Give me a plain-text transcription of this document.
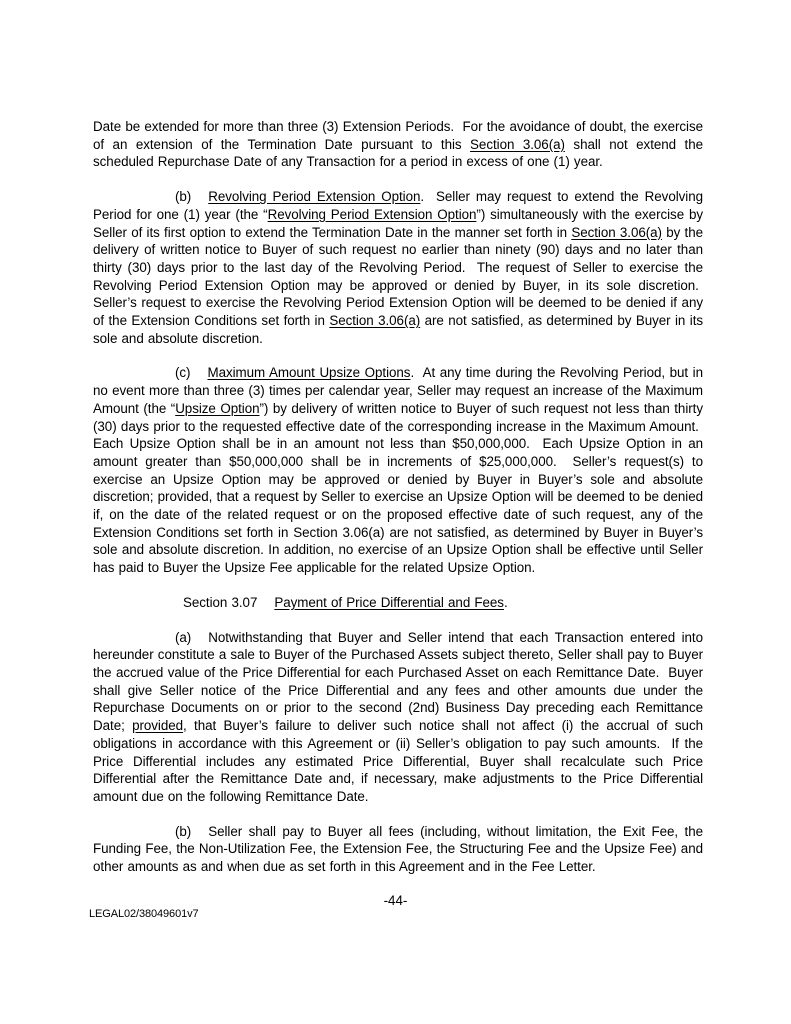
Date be extended for more than three (3) Extension Periods.  For the avoidance of doubt, the exercise of an extension of the Termination Date pursuant to this Section 3.06(a) shall not extend the scheduled Repurchase Date of any Transaction for a period in excess of one (1) year.

(b) Revolving Period Extension Option.  Seller may request to extend the Revolving Period for one (1) year (the “Revolving Period Extension Option”) simultaneously with the exercise by Seller of its first option to extend the Termination Date in the manner set forth in Section 3.06(a) by the delivery of written notice to Buyer of such request no earlier than ninety (90) days and no later than thirty (30) days prior to the last day of the Revolving Period.  The request of Seller to exercise the Revolving Period Extension Option may be approved or denied by Buyer, in its sole discretion.  Seller’s request to exercise the Revolving Period Extension Option will be deemed to be denied if any of the Extension Conditions set forth in Section 3.06(a) are not satisfied, as determined by Buyer in its sole and absolute discretion.

(c) Maximum Amount Upsize Options.  At any time during the Revolving Period, but in no event more than three (3) times per calendar year, Seller may request an increase of the Maximum Amount (the “Upsize Option”) by delivery of written notice to Buyer of such request not less than thirty (30) days prior to the requested effective date of the corresponding increase in the Maximum Amount.  Each Upsize Option shall be in an amount not less than $50,000,000.  Each Upsize Option in an amount greater than $50,000,000 shall be in increments of $25,000,000.  Seller’s request(s) to exercise an Upsize Option may be approved or denied by Buyer in Buyer’s sole and absolute discretion; provided, that a request by Seller to exercise an Upsize Option will be deemed to be denied if, on the date of the related request or on the proposed effective date of such request, any of the Extension Conditions set forth in Section 3.06(a) are not satisfied, as determined by Buyer in Buyer’s sole and absolute discretion. In addition, no exercise of an Upsize Option shall be effective until Seller has paid to Buyer the Upsize Fee applicable for the related Upsize Option.

Section 3.07 Payment of Price Differential and Fees.

(a) Notwithstanding that Buyer and Seller intend that each Transaction entered into hereunder constitute a sale to Buyer of the Purchased Assets subject thereto, Seller shall pay to Buyer the accrued value of the Price Differential for each Purchased Asset on each Remittance Date.  Buyer shall give Seller notice of the Price Differential and any fees and other amounts due under the Repurchase Documents on or prior to the second (2nd) Business Day preceding each Remittance Date; provided, that Buyer’s failure to deliver such notice shall not affect (i) the accrual of such obligations in accordance with this Agreement or (ii) Seller’s obligation to pay such amounts.  If the Price Differential includes any estimated Price Differential, Buyer shall recalculate such Price Differential after the Remittance Date and, if necessary, make adjustments to the Price Differential amount due on the following Remittance Date.

(b) Seller shall pay to Buyer all fees (including, without limitation, the Exit Fee, the Funding Fee, the Non-Utilization Fee, the Extension Fee, the Structuring Fee and the Upsize Fee) and other amounts as and when due as set forth in this Agreement and in the Fee Letter.

-44-
LEGAL02/38049601v7
